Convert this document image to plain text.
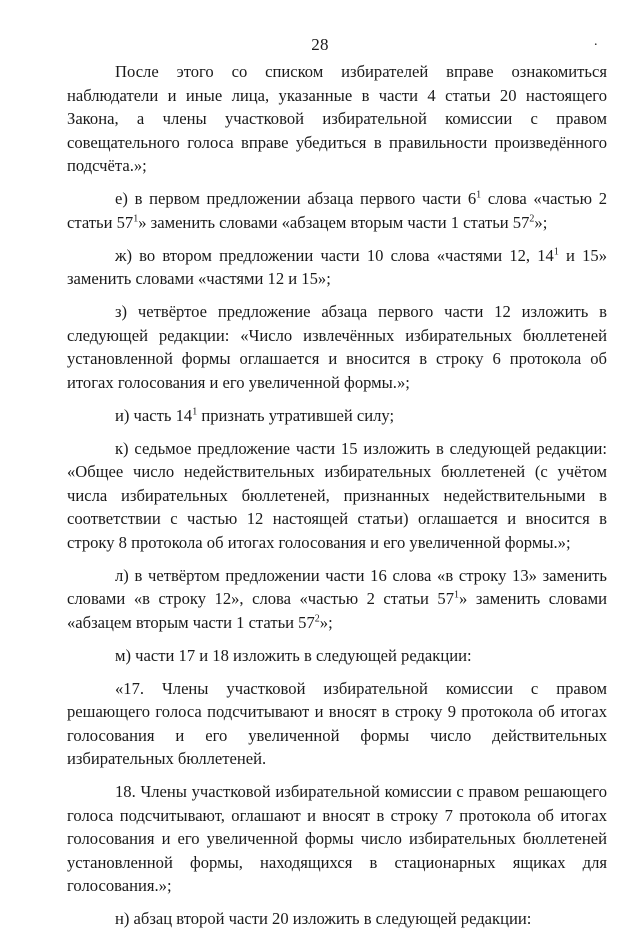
28	.

После этого со списком избирателей вправе ознакомиться наблюдатели и иные лица, указанные в части 4 статьи 20 настоящего Закона, а члены участковой избирательной комиссии с правом совещательного голоса вправе убедиться в правильности произведённого подсчёта.»;

е) в первом предложении абзаца первого части $6^1$ слова «частью 2 статьи $57^1$» заменить словами «абзацем вторым части 1 статьи $57^2$»;

ж) во втором предложении части 10 слова «частями 12, $14^1$ и 15» заменить словами «частями 12 и 15»;

з) четвёртое предложение абзаца первого части 12 изложить в следующей редакции: «Число извлечённых избирательных бюллетеней установленной формы оглашается и вносится в строку 6 протокола об итогах голосования и его увеличенной формы.»;

и) часть $14^1$ признать утратившей силу;

к) седьмое предложение части 15 изложить в следующей редакции: «Общее число недействительных избирательных бюллетеней (с учётом числа избирательных бюллетеней, признанных недействительными в соответствии с частью 12 настоящей статьи) оглашается и вносится в строку 8 протокола об итогах голосования и его увеличенной формы.»;

л) в четвёртом предложении части 16 слова «в строку 13» заменить словами «в строку 12», слова «частью 2 статьи $57^1$» заменить словами «абзацем вторым части 1 статьи $57^2$»;

м) части 17 и 18 изложить в следующей редакции:

«17. Члены участковой избирательной комиссии с правом решающего голоса подсчитывают и вносят в строку 9 протокола об итогах голосования и его увеличенной формы число действительных избирательных бюллетеней.

18. Члены участковой избирательной комиссии с правом решающего голоса подсчитывают, оглашают и вносят в строку 7 протокола об итогах голосования и его увеличенной формы число избирательных бюллетеней установленной формы, находящихся в стационарных ящиках для голосования.»;

н) абзац второй части 20 изложить в следующей редакции:
